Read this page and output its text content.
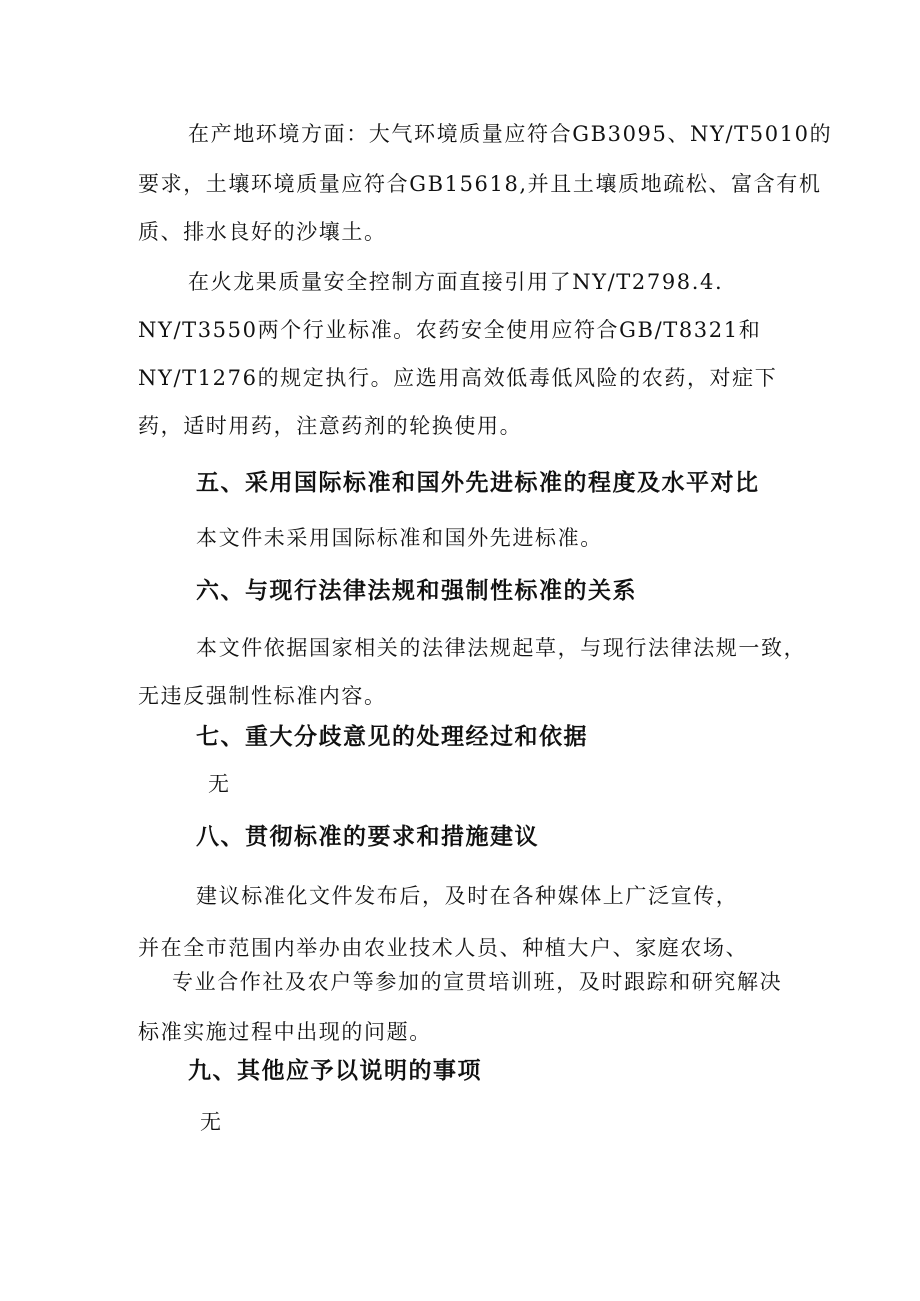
在产地环境方面：大气环境质量应符合GB3095、NY/T5010的
要求，土壤环境质量应符合GB15618,并且土壤质地疏松、富含有机
质、排水良好的沙壤土。
在火龙果质量安全控制方面直接引用了NY/T2798.4.
NY/T3550两个行业标准。农药安全使用应符合GB/T8321和
NY/T1276的规定执行。应选用高效低毒低风险的农药，对症下
药，适时用药，注意药剂的轮换使用。
五、采用国际标准和国外先进标准的程度及水平对比
本文件未采用国际标准和国外先进标准。
六、与现行法律法规和强制性标准的关系
本文件依据国家相关的法律法规起草，与现行法律法规一致，
无违反强制性标准内容。
七、重大分歧意见的处理经过和依据
无
八、贯彻标准的要求和措施建议
建议标准化文件发布后，及时在各种媒体上广泛宣传，
并在全市范围内举办由农业技术人员、种植大户、家庭农场、
专业合作社及农户等参加的宣贯培训班，及时跟踪和研究解决
标准实施过程中出现的问题。
九、其他应予以说明的事项
无
